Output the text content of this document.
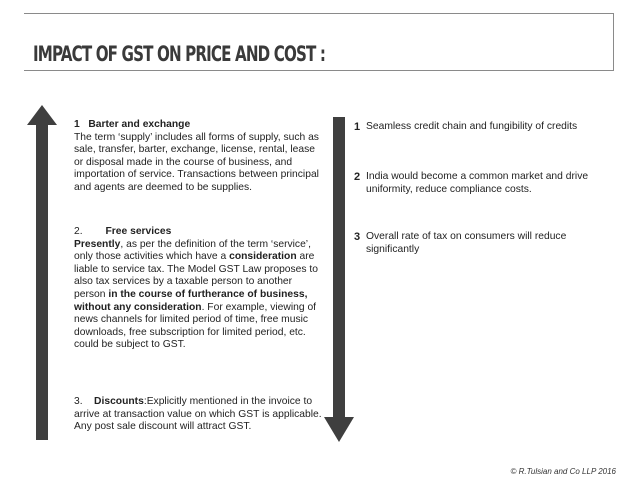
IMPACT OF GST ON PRICE AND COST :
1 Barter and exchange
The term ‘supply’ includes all forms of supply, such as sale, transfer, barter, exchange, license, rental, lease or disposal made in the course of business, and importation of service. Transactions between principal and agents are deemed to be supplies.
2. Free services
Presently, as per the definition of the term ‘service’, only those activities which have a consideration are liable to service tax. The Model GST Law proposes to also tax services by a taxable person to another person in the course of furtherance of business, without any consideration. For example, viewing of news channels for limited period of time, free music downloads, free subscription for limited period, etc. could be subject to GST.
3. Discounts:Explicitly mentioned in the invoice to arrive at transaction value on which GST is applicable. Any post sale discount will attract GST.
1 Seamless credit chain and fungibility of credits
2 India would become a common market and drive uniformity, reduce compliance costs.
3 Overall rate of tax on consumers will reduce significantly
© R.Tulsian and Co LLP 2016
